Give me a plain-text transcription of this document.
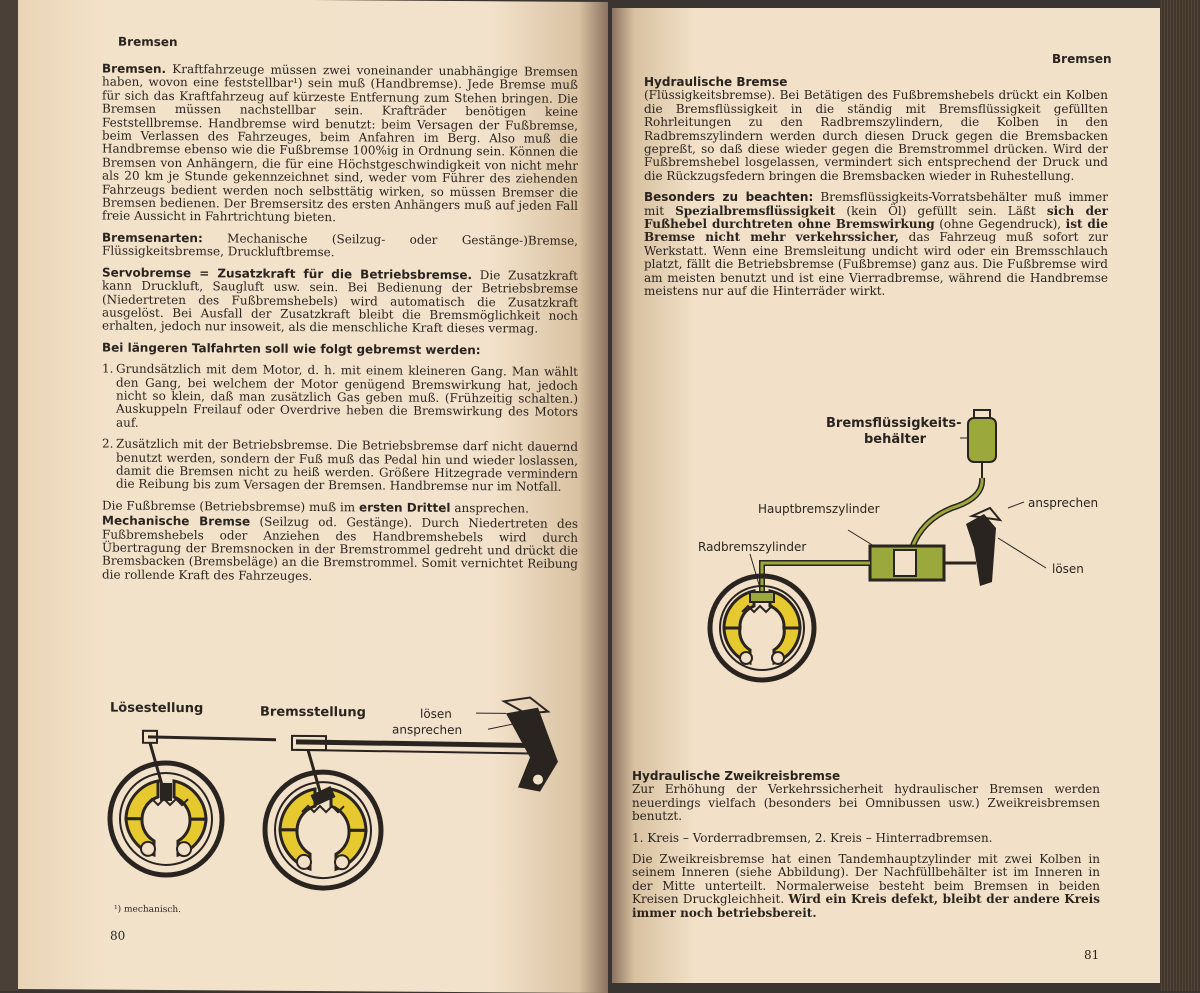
Bremsen

Bremsen. Kraftfahrzeuge müssen zwei voneinander unabhängige Bremsen haben, wovon eine feststellbar¹) sein muß (Handbremse). Jede Bremse muß für sich das Kraftfahrzeug auf kürzeste Entfernung zum Stehen bringen. Die Bremsen müssen nachstellbar sein. Krafträder benötigen keine Feststellbremse. Handbremse wird benutzt: beim Versagen der Fußbremse, beim Verlassen des Fahrzeuges, beim Anfahren im Berg. Also muß die Handbremse ebenso wie die Fußbremse 100%ig in Ordnung sein. Können die Bremsen von Anhängern, die für eine Höchstgeschwindigkeit von nicht mehr als 20 km je Stunde gekennzeichnet sind, weder vom Führer des ziehenden Fahrzeugs bedient werden noch selbsttätig wirken, so müssen Bremser die Bremsen bedienen. Der Bremsersitz des ersten Anhängers muß auf jeden Fall freie Aussicht in Fahrtrichtung bieten.

Bremsenarten: Mechanische (Seilzug- oder Gestänge-)Bremse, Flüssigkeitsbremse, Druckluftbremse.

Servobremse = Zusatzkraft für die Betriebsbremse. Die Zusatzkraft kann Druckluft, Saugluft usw. sein. Bei Bedienung der Betriebsbremse (Niedertreten des Fußbremshebels) wird automatisch die Zusatzkraft ausgelöst. Bei Ausfall der Zusatzkraft bleibt die Bremsmöglichkeit noch erhalten, jedoch nur insoweit, als die menschliche Kraft dieses vermag.

Bei längeren Talfahrten soll wie folgt gebremst werden:

1. Grundsätzlich mit dem Motor, d. h. mit einem kleineren Gang. Man wählt den Gang, bei welchem der Motor genügend Bremswirkung hat, jedoch nicht so klein, daß man zusätzlich Gas geben muß. (Frühzeitig schalten.) Auskuppeln Freilauf oder Overdrive heben die Bremswirkung des Motors auf.
2. Zusätzlich mit der Betriebsbremse. Die Betriebsbremse darf nicht dauernd benutzt werden, sondern der Fuß muß das Pedal hin und wieder loslassen, damit die Bremsen nicht zu heiß werden. Größere Hitzegrade vermindern die Reibung bis zum Versagen der Bremsen. Handbremse nur im Notfall.

Die Fußbremse (Betriebsbremse) muß im ersten Drittel ansprechen.

Mechanische Bremse (Seilzug od. Gestänge). Durch Niedertreten des Fußbremshebels oder Anziehen des Handbremshebels wird durch Übertragung der Bremsnocken in der Bremstrommel gedreht und drückt die Bremsbacken (Bremsbeläge) an die Bremstrommel. Somit vernichtet Reibung die rollende Kraft des Fahrzeuges.

Lösestellung	Bremsstellung	lösen
ansprechen
¹) mechanisch.
80
Bremsen
Hydraulische Bremse

(Flüssigkeitsbremse). Bei Betätigen des Fußbremshebels drückt ein Kolben die Bremsflüssigkeit in die ständig mit Bremsflüssigkeit gefüllten Rohrleitungen zu den Radbremszylindern, die Kolben in den Radbremszylindern werden durch diesen Druck gegen die Bremsbacken gepreßt, so daß diese wieder gegen die Bremstrommel drücken. Wird der Fußbremshebel losgelassen, vermindert sich entsprechend der Druck und die Rückzugsfedern bringen die Bremsbacken wieder in Ruhestellung.

Besonders zu beachten: Bremsflüssigkeits-Vorratsbehälter muß immer mit Spezialbremsflüssigkeit (kein Öl) gefüllt sein. Läßt sich der Fußhebel durchtreten ohne Bremswirkung (ohne Gegendruck), ist die Bremse nicht mehr verkehrssicher, das Fahrzeug muß sofort zur Werkstatt. Wenn eine Bremsleitung undicht wird oder ein Bremsschlauch platzt, fällt die Betriebsbremse (Fußbremse) ganz aus. Die Fußbremse wird am meisten benutzt und ist eine Vierradbremse, während die Handbremse meistens nur auf die Hinterräder wirkt.

Bremsflüssigkeits-
behälter
Hauptbremszylinder
Radbremszylinder
ansprechen
lösen
Hydraulische Zweikreisbremse

Zur Erhöhung der Verkehrssicherheit hydraulischer Bremsen werden neuerdings vielfach (besonders bei Omnibussen usw.) Zweikreisbremsen benutzt.

1. Kreis – Vorderradbremsen, 2. Kreis – Hinterradbremsen.

Die Zweikreisbremse hat einen Tandemhauptzylinder mit zwei Kolben in seinem Inneren (siehe Abbildung). Der Nachfüllbehälter ist im Inneren in der Mitte unterteilt. Normalerweise besteht beim Bremsen in beiden Kreisen Druckgleichheit. Wird ein Kreis defekt, bleibt der andere Kreis immer noch betriebsbereit.

81
